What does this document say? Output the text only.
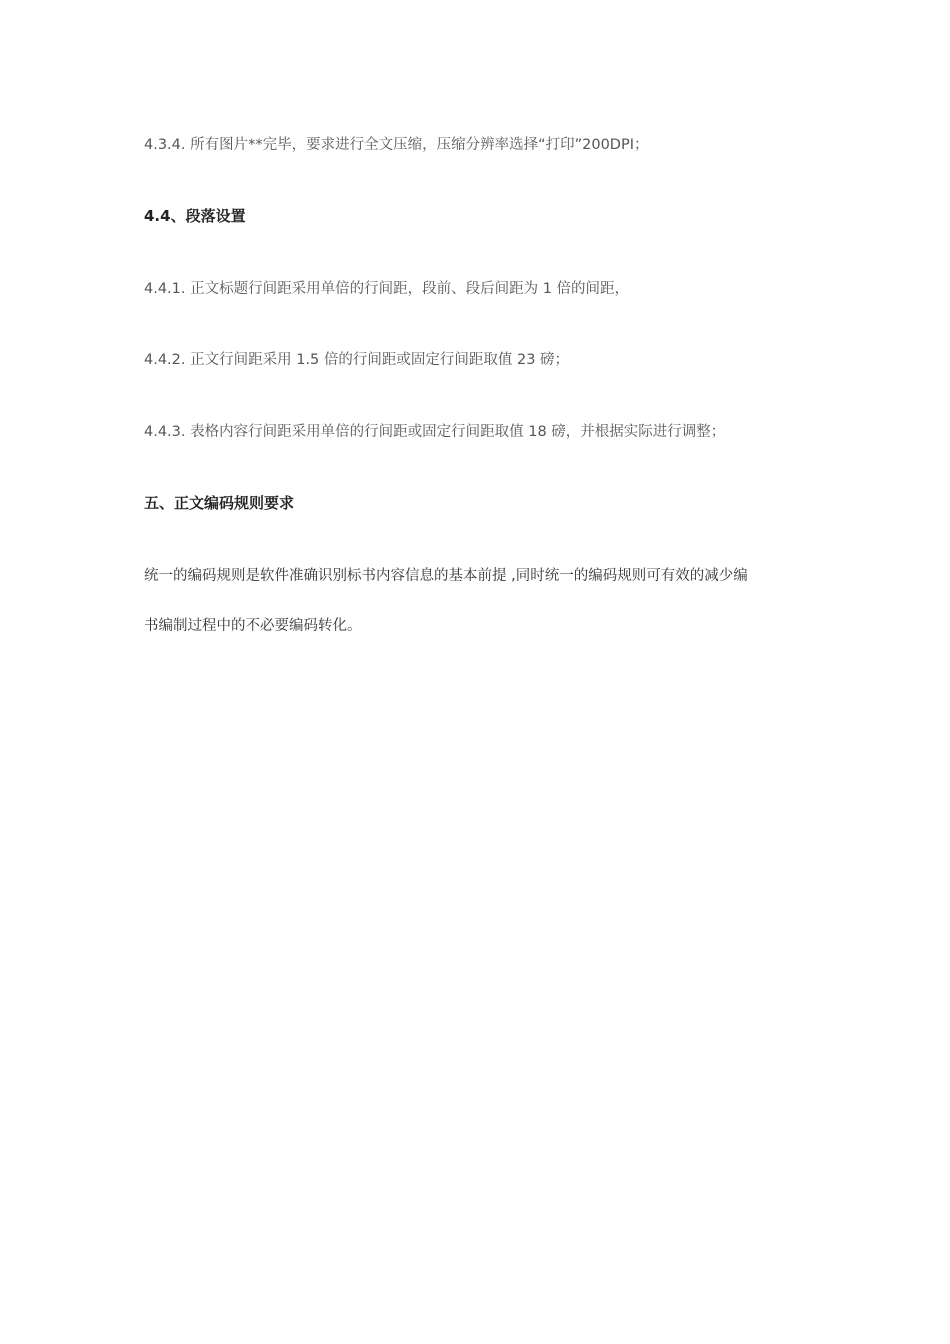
4.3.4. 所有图片**完毕，要求进行全文压缩，压缩分辨率选择“打印”200DPI；
4.4、段落设置
4.4.1. 正文标题行间距采用单倍的行间距，段前、段后间距为 1 倍的间距，
4.4.2. 正文行间距采用 1.5 倍的行间距或固定行间距取值 23 磅；
4.4.3. 表格内容行间距采用单倍的行间距或固定行间距取值 18 磅，并根据实际进行调整；
五、正文编码规则要求
统一的编码规则是软件准确识别标书内容信息的基本前提 ,同时统一的编码规则可有效的减少编
书编制过程中的不必要编码转化。
